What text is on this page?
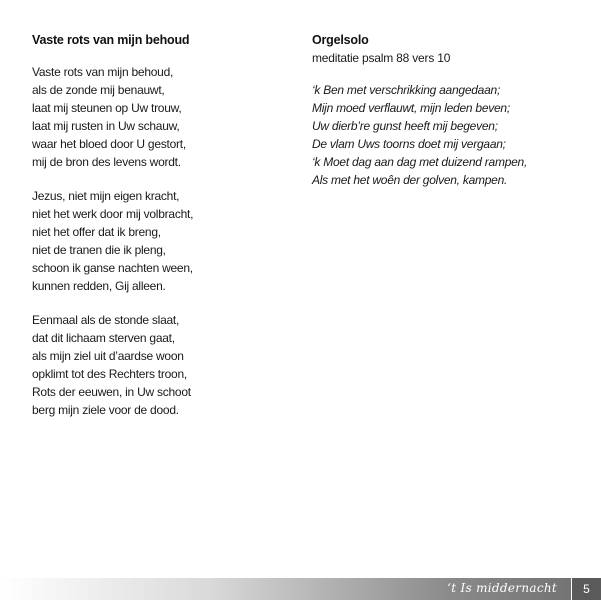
Vaste rots van mijn behoud
Vaste rots van mijn behoud,
als de zonde mij benauwt,
laat mij steunen op Uw trouw,
laat mij rusten in Uw schauw,
waar het bloed door U gestort,
mij de bron des levens wordt.
Jezus, niet mijn eigen kracht,
niet het werk door mij volbracht,
niet het offer dat ik breng,
niet de tranen die ik pleng,
schoon ik ganse nachten ween,
kunnen redden, Gij alleen.
Eenmaal als de stonde slaat,
dat dit lichaam sterven gaat,
als mijn ziel uit d’aardse woon
opklimt tot des Rechters troon,
Rots der eeuwen, in Uw schoot
berg mijn ziele voor de dood.
Orgelsolo
meditatie psalm 88 vers 10
‘k Ben met verschrikking aangedaan;
Mijn moed verflauwt, mijn leden beven;
Uw dierb’re gunst heeft mij begeven;
De vlam Uws toorns doet mij vergaan;
‘k Moet dag aan dag met duizend rampen,
Als met het woên der golven, kampen.
‘t Is middernacht	5
